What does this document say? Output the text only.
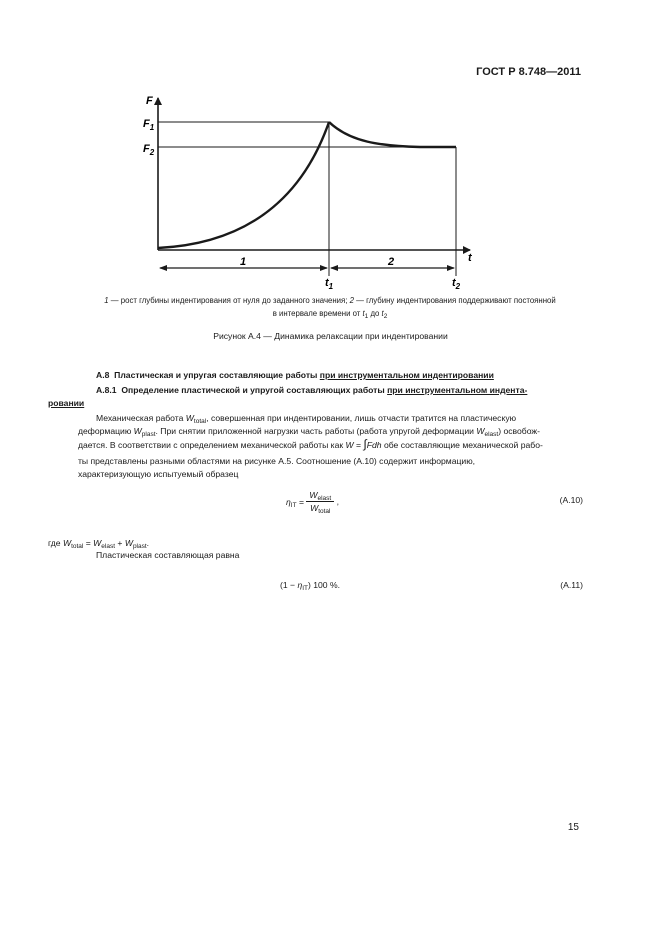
ГОСТ Р 8.748—2011
F
$F_1$
$F_2$
t
1	2
$t_1$	$t_2$
1 — рост глубины индентирования от нуля до заданного значения; 2 — глубину индентирования поддерживают постоянной
в интервале времени от $t_1$ до $t_2$
Рисунок А.4 — Динамика релаксации при индентировании
А.8 Пластическая и упругая составляющие работы при инструментальном индентировании
А.8.1 Определение пластической и упругой составляющих работы при инструментальном индента-
ровании
Механическая работа $W_{total}$, совершенная при индентировании, лишь отчасти тратится на пластическую
деформацию $W_{plast}$. При снятии приложенной нагрузки часть работы (работа упругой деформации $W_{elast}$) освобож-
дается. В соответствии с определением механической работы как W = ∫Fdh обе составляющие механической рабо-
ты представлены разными областями на рисунке А.5. Соотношение (А.10) содержит информацию,
характеризующую испытуемый образец
$\eta_{IT} = \frac{W_{elast}}{W_{total}}$ ,	(А.10)
где $W_{total} = W_{elast} + W_{plast}$.
Пластическая составляющая равна
$(1 - \eta_{IT})$ 100 %.	(А.11)
15
